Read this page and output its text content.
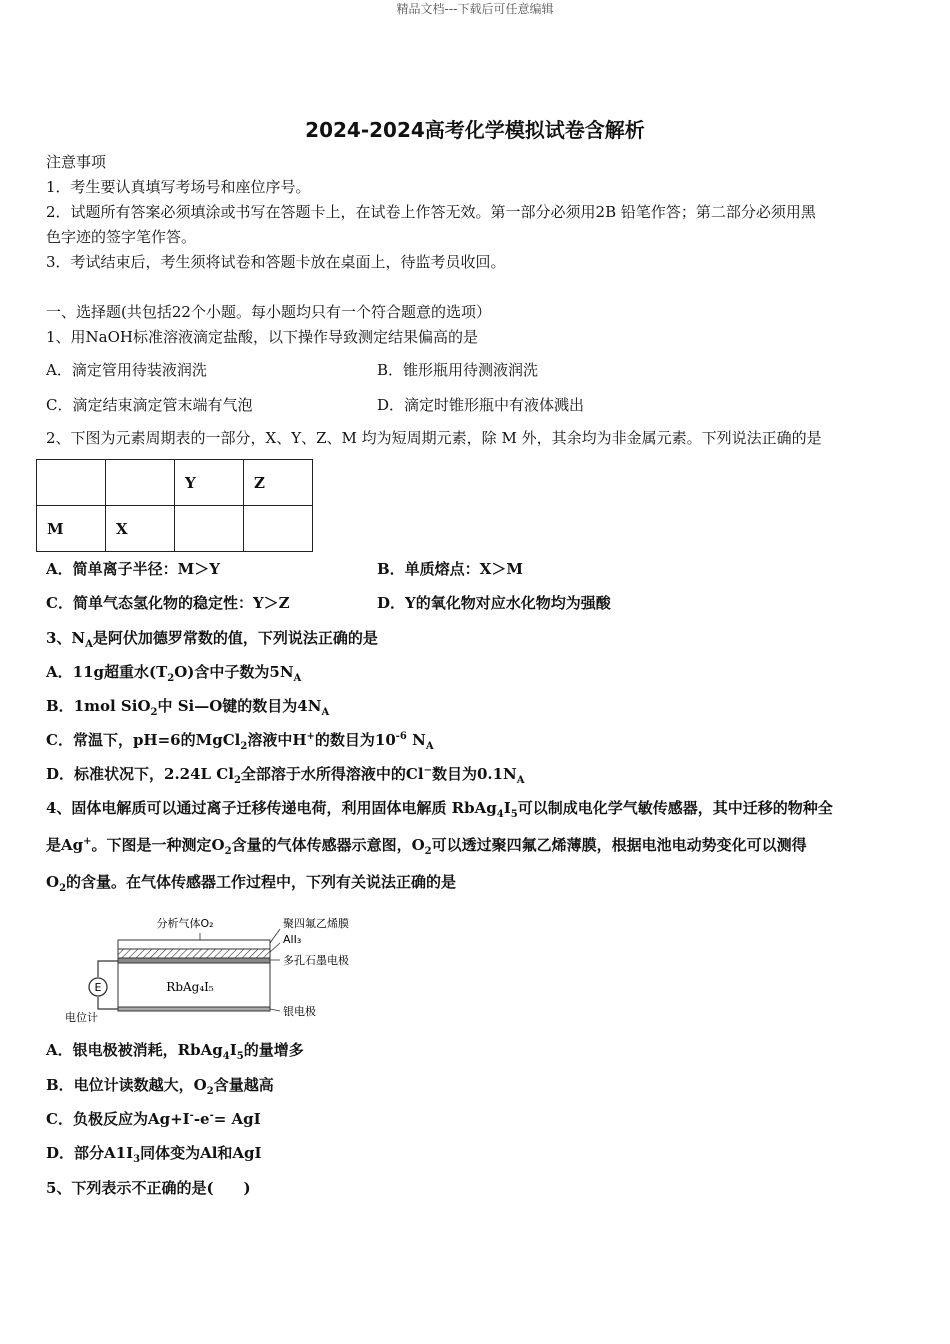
精品文档---下载后可任意编辑
2024-2024高考化学模拟试卷含解析
注意事项
1．考生要认真填写考场号和座位序号。
2．试题所有答案必须填涂或书写在答题卡上，在试卷上作答无效。第一部分必须用2B 铅笔作答；第二部分必须用黑
色字迹的签字笔作答。
3．考试结束后，考生须将试卷和答题卡放在桌面上，待监考员收回。
一、选择题(共包括22个小题。每小题均只有一个符合题意的选项）
1、用NaOH标准溶液滴定盐酸，以下操作导致测定结果偏高的是
A．滴定管用待装液润洗	B．锥形瓶用待测液润洗
C．滴定结束滴定管末端有气泡	D．滴定时锥形瓶中有液体溅出
2、下图为元素周期表的一部分，X、Y、Z、M 均为短周期元素，除 M 外，其余均为非金属元素。下列说法正确的是
		Y	Z
M	X		
A．简单离子半径：M＞Y	B．单质熔点：X＞M
C．简单气态氢化物的稳定性：Y＞Z	D．Y的氧化物对应水化物均为强酸
3、$N_A$是阿伏加德罗常数的值，下列说法正确的是
A．11g超重水$(T_2O)$含中子数为$5N_A$
B．1mol SiO$_2$中 Si—O键的数目为$4N_A$
C．常温下，pH=6的MgCl$_2$溶液中H+的数目为$10^{-6}$ $N_A$
D．标准状况下，2.24L $Cl_2$全部溶于水所得溶液中的Cl−数目为$0.1N_A$
4、固体电解质可以通过离子迁移传递电荷，利用固体电解质 $RbAg_4I_5$可以制成电化学气敏传感器，其中迁移的物种全
是Ag+。下图是一种测定$O_2$含量的气体传感器示意图，$O_2$可以透过聚四氟乙烯薄膜，根据电池电动势变化可以测得
$O_2$的含量。在气体传感器工作过程中，下列有关说法正确的是
E
分析气体O₂	聚四氟乙烯膜
AlI₃
多孔石墨电极
RbAg₄I₅
电位计	银电极
A．银电极被消耗，$RbAg_4I_5$的量增多
B．电位计读数越大，$O_2$含量越高
C．负极反应为Ag+I--e-= AgI
D．部分$A1I_3$同体变为Al和AgI
5、下列表示不正确的是(　　)
